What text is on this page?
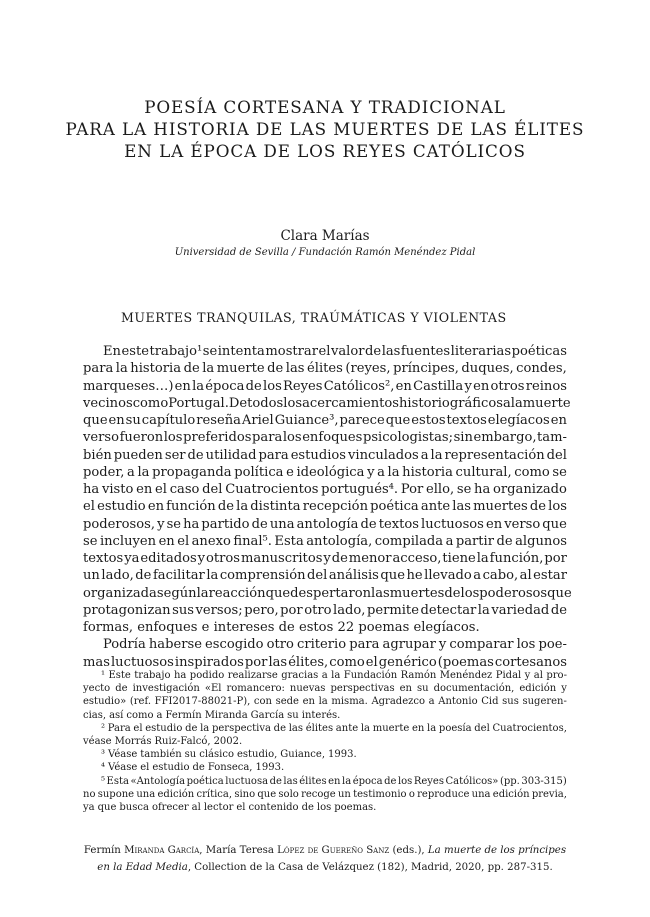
POESÍA CORTESANA Y TRADICIONAL
PARA LA HISTORIA DE LAS MUERTES DE LAS ÉLITES
EN LA ÉPOCA DE LOS REYES CATÓLICOS
Clara Marías
Universidad de Sevilla / Fundación Ramón Menéndez Pidal
MUERTES TRANQUILAS, TRAÚMÁTICAS Y VIOLENTAS
En este trabajo¹ se intenta mostrar el valor de las fuentes literarias poéticas
para la historia de la muerte de las élites (reyes, príncipes, duques, condes,
marqueses…) en la época de los Reyes Católicos², en Castilla y en otros reinos
vecinos como Portugal. De todos los acercamientos historiográficos a la muerte
que en su capítulo reseña Ariel Guiance³, parece que estos textos elegíacos en
verso fueron los preferidos para los enfoques psicologistas; sin embargo, tam-
bién pueden ser de utilidad para estudios vinculados a la representación del
poder, a la propaganda política e ideológica y a la historia cultural, como se
ha visto en el caso del Cuatrocientos portugués⁴. Por ello, se ha organizado
el estudio en función de la distinta recepción poética ante las muertes de los
poderosos, y se ha partido de una antología de textos luctuosos en verso que
se incluyen en el anexo final⁵. Esta antología, compilada a partir de algunos
textos ya editados y otros manuscritos y de menor acceso, tiene la función, por
un lado, de facilitar la comprensión del análisis que he llevado a cabo, al estar
organizada según la reacción que despertaron las muertes de los poderosos que
protagonizan sus versos; pero, por otro lado, permite detectar la variedad de
formas, enfoques e intereses de estos 22 poemas elegíacos.
Podría haberse escogido otro criterio para agrupar y comparar los poe-
mas luctuosos inspirados por las élites, como el genérico (poemas cortesanos
¹ Este trabajo ha podido realizarse gracias a la Fundación Ramón Menéndez Pidal y al pro-
yecto de investigación «El romancero: nuevas perspectivas en su documentación, edición y
estudio» (ref. FFI2017-88021-P), con sede en la misma. Agradezco a Antonio Cid sus sugeren-
cias, así como a Fermín Miranda García su interés.
² Para el estudio de la perspectiva de las élites ante la muerte en la poesía del Cuatrocientos,
véase Morrás Ruiz-Falcó, 2002.
³ Véase también su clásico estudio, Guiance, 1993.
⁴ Véase el estudio de Fonseca, 1993.
⁵ Esta «Antología poética luctuosa de las élites en la época de los Reyes Católicos» (pp. 303-315)
no supone una edición crítica, sino que solo recoge un testimonio o reproduce una edición previa,
ya que busca ofrecer al lector el contenido de los poemas.
Fermín Miranda García, María Teresa López de Guereño Sanz (eds.), La muerte de los príncipes
en la Edad Media, Collection de la Casa de Velázquez (182), Madrid, 2020, pp. 287-315.
